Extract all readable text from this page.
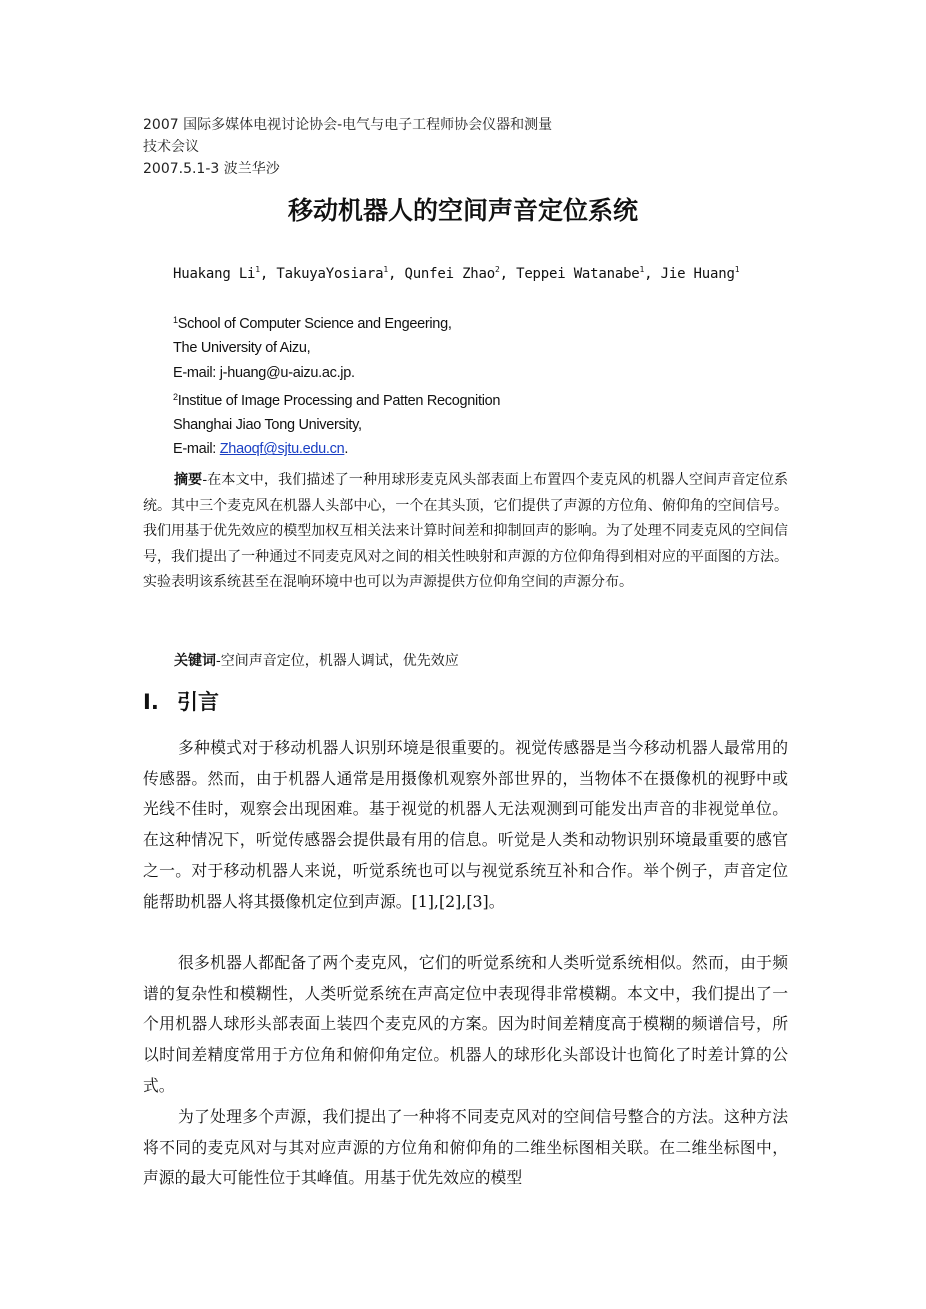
2007 国际多媒体电视讨论协会-电气与电子工程师协会仪器和测量
技术会议
2007.5.1-3 波兰华沙
移动机器人的空间声音定位系统
Huakang Li$^1$, TakuyaYosiara$^1$, Qunfei Zhao$^2$, Teppei Watanabe$^1$, Jie Huang$^1$
$^1$School of Computer Science and Engeering,
The University of Aizu,
E-mail: j-huang@u-aizu.ac.jp.
$^2$Institue of Image Processing and Patten Recognition
Shanghai Jiao Tong University,
E-mail: Zhaoqf@sjtu.edu.cn.
摘要-在本文中，我们描述了一种用球形麦克风头部表面上布置四个麦克风的机器人空间声音定位系统。其中三个麦克风在机器人头部中心，一个在其头顶，它们提供了声源的方位角、俯仰角的空间信号。我们用基于优先效应的模型加权互相关法来计算时间差和抑制回声的影响。为了处理不同麦克风的空间信号，我们提出了一种通过不同麦克风对之间的相关性映射和声源的方位仰角得到相对应的平面图的方法。实验表明该系统甚至在混响环境中也可以为声源提供方位仰角空间的声源分布。
关键词-空间声音定位，机器人调试，优先效应
I. 引言

多种模式对于移动机器人识别环境是很重要的。视觉传感器是当今移动机器人最常用的传感器。然而，由于机器人通常是用摄像机观察外部世界的，当物体不在摄像机的视野中或光线不佳时，观察会出现困难。基于视觉的机器人无法观测到可能发出声音的非视觉单位。在这种情况下，听觉传感器会提供最有用的信息。听觉是人类和动物识别环境最重要的感官之一。对于移动机器人来说，听觉系统也可以与视觉系统互补和合作。举个例子，声音定位能帮助机器人将其摄像机定位到声源。[1],[2],[3]。

很多机器人都配备了两个麦克风，它们的听觉系统和人类听觉系统相似。然而，由于频谱的复杂性和模糊性，人类听觉系统在声高定位中表现得非常模糊。本文中，我们提出了一个用机器人球形头部表面上装四个麦克风的方案。因为时间差精度高于模糊的频谱信号，所以时间差精度常用于方位角和俯仰角定位。机器人的球形化头部设计也简化了时差计算的公式。

为了处理多个声源，我们提出了一种将不同麦克风对的空间信号整合的方法。这种方法将不同的麦克风对与其对应声源的方位角和俯仰角的二维坐标图相关联。在二维坐标图中，声源的最大可能性位于其峰值。用基于优先效应的模型
